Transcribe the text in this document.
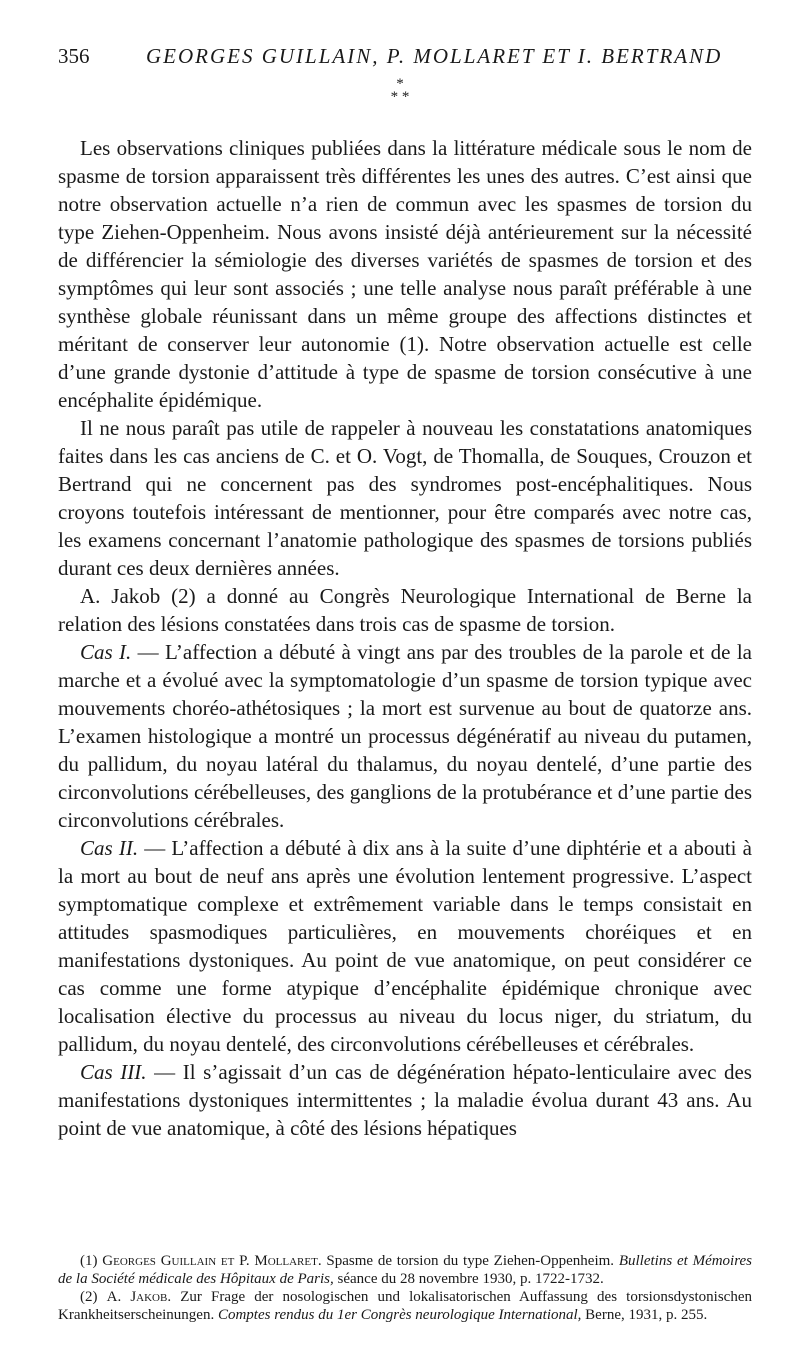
356	GEORGES GUILLAIN, P. MOLLARET ET I. BERTRAND
*
* *

Les observations cliniques publiées dans la littérature médicale sous le nom de spasme de torsion apparaissent très différentes les unes des autres. C’est ainsi que notre observation actuelle n’a rien de commun avec les spasmes de torsion du type Ziehen-Oppenheim. Nous avons insisté déjà antérieurement sur la nécessité de différencier la sémiologie des diverses variétés de spasmes de torsion et des symptômes qui leur sont associés ; une telle analyse nous paraît préférable à une synthèse globale réunissant dans un même groupe des affections distinctes et méritant de conserver leur autonomie (1). Notre observation actuelle est celle d’une grande dystonie d’attitude à type de spasme de torsion consécutive à une encéphalite épidémique.

Il ne nous paraît pas utile de rappeler à nouveau les constatations anatomiques faites dans les cas anciens de C. et O. Vogt, de Thomalla, de Souques, Crouzon et Bertrand qui ne concernent pas des syndromes post-encéphalitiques. Nous croyons toutefois intéressant de mentionner, pour être comparés avec notre cas, les examens concernant l’anatomie pathologique des spasmes de torsions publiés durant ces deux dernières années.

A. Jakob (2) a donné au Congrès Neurologique International de Berne la relation des lésions constatées dans trois cas de spasme de torsion.

Cas I. — L’affection a débuté à vingt ans par des troubles de la parole et de la marche et a évolué avec la symptomatologie d’un spasme de torsion typique avec mouvements choréo-athétosiques ; la mort est survenue au bout de quatorze ans. L’examen histologique a montré un processus dégénératif au niveau du putamen, du pallidum, du noyau latéral du thalamus, du noyau dentelé, d’une partie des circonvolutions cérébelleuses, des ganglions de la protubérance et d’une partie des circonvolutions cérébrales.

Cas II. — L’affection a débuté à dix ans à la suite d’une diphtérie et a abouti à la mort au bout de neuf ans après une évolution lentement progressive. L’aspect symptomatique complexe et extrêmement variable dans le temps consistait en attitudes spasmodiques particulières, en mouvements choréiques et en manifestations dystoniques. Au point de vue anatomique, on peut considérer ce cas comme une forme atypique d’encéphalite épidémique chronique avec localisation élective du processus au niveau du locus niger, du striatum, du pallidum, du noyau dentelé, des circonvolutions cérébelleuses et cérébrales.

Cas III. — Il s’agissait d’un cas de dégénération hépato-lenticulaire avec des manifestations dystoniques intermittentes ; la maladie évolua durant 43 ans. Au point de vue anatomique, à côté des lésions hépatiques

(1) Georges Guillain et P. Mollaret. Spasme de torsion du type Ziehen-Oppenheim. Bulletins et Mémoires de la Société médicale des Hôpitaux de Paris, séance du 28 novembre 1930, p. 1722-1732.

(2) A. Jakob. Zur Frage der nosologischen und lokalisatorischen Auffassung des torsionsdystonischen Krankheitserscheinungen. Comptes rendus du 1er Congrès neurologique International, Berne, 1931, p. 255.
